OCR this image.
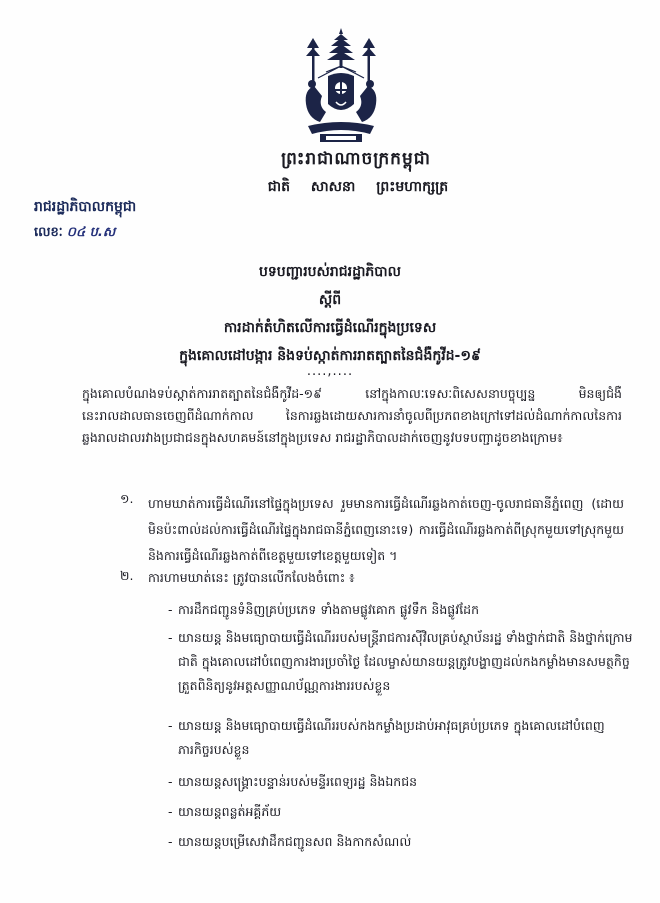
ព្រះរាជាណាចក្រកម្ពុជា
ជាតិ សាសនា ព្រះមហាក្សត្រ
រាជរដ្ឋាភិបាលកម្ពុជា
លេខៈ ០៤ ប.ស
បទបញ្ជារបស់រាជរដ្ឋាភិបាល
ស្តីពី
ការដាក់តំហិតលើការធ្វើដំណើរក្នុងប្រទេស
ក្នុងគោលដៅបង្ការ និងទប់ស្កាត់ការរាតត្បាតនៃជំងឺកូវីដ-១៩
....,....
ក្នុងគោលបំណងទប់ស្កាត់ការរាតត្បាតនៃជំងឺកូវីដ-១៩ នៅក្នុងកាលៈទេសៈពិសេសនាបច្ចុប្បន្ន មិនឲ្យជំងឺនេះរាលដាលធានចេញពីដំណាក់កាល នៃការឆ្លងដោយសារការនាំចូលពីប្រភពខាងក្រៅទៅដល់ដំណាក់កាលនៃការឆ្លងរាលដាលរវាងប្រជាជនក្នុងសហគមន៍នៅក្នុងប្រទេស រាជរដ្ឋាភិបាលដាក់ចេញនូវបទបញ្ជាដូចខាងក្រោម៖
១. ហាមឃាត់ការធ្វើដំណើរនៅផ្ទៃក្នុងប្រទេស រួមមានការធ្វើដំណើរឆ្លងកាត់ចេញ-ចូលរាជធានីភ្នំពេញ (ដោយមិនប៉ះពាល់ដល់ការធ្វើដំណើរផ្ទៃក្នុងរាជធានីភ្នំពេញនោះទេ) ការធ្វើដំណើរឆ្លងកាត់ពីស្រុកមួយទៅស្រុកមួយ និងការធ្វើដំណើរឆ្លងកាត់ពីខេត្តមួយទៅខេត្តមួយទៀត ។
២. ការហាមឃាត់នេះ ត្រូវបានលើកលែងចំពោះ ៖
- ការដឹកជញ្ជូនទំនិញគ្រប់ប្រភេទ ទាំងតាមផ្លូវគោក ផ្លូវទឹក និងផ្លូវដែក
- យានយន្ត និងមធ្យោបាយធ្វើដំណើររបស់មន្ត្រីរាជការស៊ីវិលគ្រប់ស្ថាប័នរដ្ឋ ទាំងថ្នាក់ជាតិ និងថ្នាក់ក្រោមជាតិ ក្នុងគោលដៅបំពេញការងារប្រចាំថ្ងៃ ដែលម្ចាស់យានយន្តត្រូវបង្ហាញដល់កងកម្លាំងមានសមត្ថកិច្ចត្រួតពិនិត្យនូវអត្តសញ្ញាណប័ណ្ណការងាររបស់ខ្លួន
- យានយន្ត និងមធ្យោបាយធ្វើដំណើររបស់កងកម្លាំងប្រដាប់អាវុធគ្រប់ប្រភេទ ក្នុងគោលដៅបំពេញភារកិច្ចរបស់ខ្លួន
- យានយន្តសង្គ្រោះបន្ទាន់របស់មន្ទីរពេទ្យរដ្ឋ និងឯកជន
- យានយន្តពន្លត់អគ្គីភ័យ
- យានយន្តបម្រើសេវាដឹកជញ្ជូនសព និងកាកសំណល់
